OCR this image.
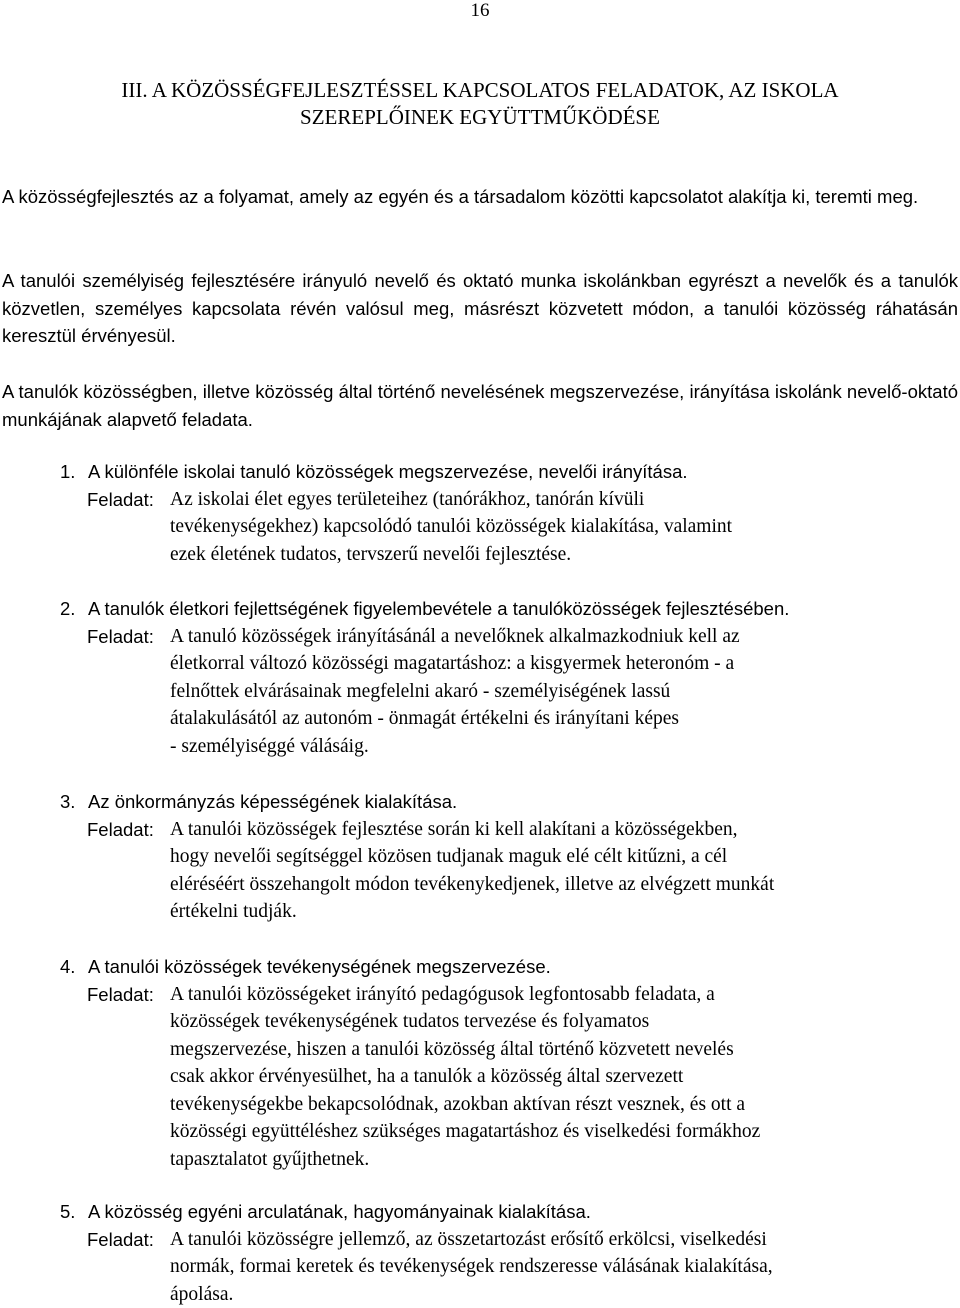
16
III. A KÖZÖSSÉGFEJLESZTÉSSEL KAPCSOLATOS FELADATOK, AZ ISKOLA
SZEREPLŐINEK EGYÜTTMŰKÖDÉSE

A közösségfejlesztés az a folyamat, amely az egyén és a társadalom közötti kapcsolatot alakítja ki, teremti meg.

A tanulói személyiség fejlesztésére irányuló nevelő és oktató munka iskolánkban egyrészt a nevelők és a tanulók közvetlen, személyes kapcsolata révén valósul meg, másrészt közvetett módon, a tanulói közösség ráhatásán keresztül érvényesül.

A tanulók közösségben, illetve közösség által történő nevelésének megszervezése, irányítása iskolánk nevelő-oktató munkájának alapvető feladata.

1. A különféle iskolai tanuló közösségek megszervezése, nevelői irányítása.
Feladat: Az iskolai élet egyes területeihez (tanórákhoz, tanórán kívüli
tevékenységekhez) kapcsolódó tanulói közösségek kialakítása, valamint
ezek életének tudatos, tervszerű nevelői fejlesztése.
2. A tanulók életkori fejlettségének figyelembevétele a tanulóközösségek fejlesztésében.
Feladat: A tanuló közösségek irányításánál a nevelőknek alkalmazkodniuk kell az
életkorral változó közösségi magatartáshoz: a kisgyermek heteronóm - a
felnőttek elvárásainak megfelelni akaró - személyiségének lassú
átalakulásától az autonóm - önmagát értékelni és irányítani képes
- személyiséggé válásáig.
3. Az önkormányzás képességének kialakítása.
Feladat: A tanulói közösségek fejlesztése során ki kell alakítani a közösségekben,
hogy nevelői segítséggel közösen tudjanak maguk elé célt kitűzni, a cél
eléréséért összehangolt módon tevékenykedjenek, illetve az elvégzett munkát
értékelni tudják.
4. A tanulói közösségek tevékenységének megszervezése.
Feladat: A tanulói közösségeket irányító pedagógusok legfontosabb feladata, a
közösségek tevékenységének tudatos tervezése és folyamatos
megszervezése, hiszen a tanulói közösség által történő közvetett nevelés
csak akkor érvényesülhet, ha a tanulók a közösség által szervezett
tevékenységekbe bekapcsolódnak, azokban aktívan részt vesznek, és ott a
közösségi együttéléshez szükséges magatartáshoz és viselkedési formákhoz
tapasztalatot gyűjthetnek.
5. A közösség egyéni arculatának, hagyományainak kialakítása.
Feladat: A tanulói közösségre jellemző, az összetartozást erősítő erkölcsi, viselkedési
normák, formai keretek és tevékenységek rendszeresse válásának kialakítása,
ápolása.
